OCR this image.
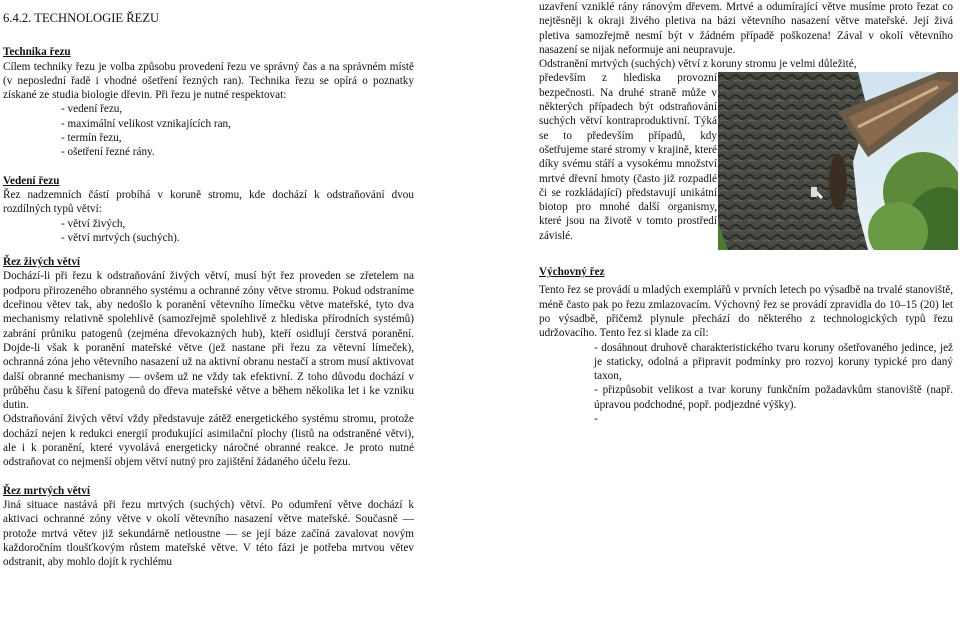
6.4.2. TECHNOLOGIE ŘEZU

Technika řezu

Cílem techniky řezu je volba způsobu provedení řezu ve správný čas a na správném místě (v neposlední řadě i vhodné ošetření řezných ran). Technika řezu se opírá o poznatky získané ze studia biologie dřevin. Při řezu je nutné respektovat:

- vedení řezu,
- maximální velikost vznikajících ran,
- termín řezu,
- ošetření řezné rány.

Vedení řezu

Řez nadzemních částí probíhá v koruně stromu, kde dochází k odstraňování dvou rozdílných typů větví:

- větví živých,
- větví mrtvých (suchých).

Řez živých větví

Dochází-li při řezu k odstraňování živých větví, musí být řez proveden se zřetelem na podporu přirozeného obranného systému a ochranné zóny větve stromu. Pokud odstraníme dceřinou větev tak, aby nedošlo k poranění větevního límečku větve mateřské, tyto dva mechanismy relativně spolehlivě (samozřejmě spolehlivě z hlediska přírodních systémů) zabrání průniku patogenů (zejména dřevokazných hub), kteří osidlují čerstvá poranění. Dojde-li však k poranění mateřské větve (jež nastane při řezu za větevní límeček), ochranná zóna jeho větevního nasazení už na aktivní obranu nestačí a strom musí aktivovat další obranné mechanismy — ovšem už ne vždy tak efektivní. Z toho důvodu dochází v průběhu času k šíření patogenů do dřeva mateřské větve a během několika let i ke vzniku dutin.

Odstraňování živých větví vždy představuje zátěž energetického systému stromu, protože dochází nejen k redukci energií produkující asimilační plochy (listů na odstraněné větvi), ale i k poranění, které vyvolává energeticky náročné obranné reakce. Je proto nutné odstraňovat co nejmenší objem větví nutný pro zajištění žádaného účelu řezu.

Řez mrtvých větví

Jiná situace nastává při řezu mrtvých (suchých) větví. Po odumření větve dochází k aktivaci ochranné zóny větve v okolí větevního nasazení větve mateřské. Současně — protože mrtvá větev již sekundárně netloustne — se její báze začíná zavalovat novým každoročním tloušťkovým růstem mateřské větve. V této fázi je potřeba mrtvou větev odstranit, aby mohlo dojít k rychlému

uzavření vzniklé rány ránovým dřevem. Mrtvé a odumírající větve musíme proto řezat co nejtěsněji k okraji živého pletiva na bázi větevního nasazení větve mateřské. Její živá pletiva samozřejmě nesmí být v žádném případě poškozena! Zával v okolí větevního nasazení se nijak neformuje ani neupravuje.

Odstranění mrtvých (suchých) větví z koruny stromu je velmi důležité,

především z hlediska provozní bezpečnosti. Na druhé straně může v některých případech být odstraňování suchých větví kontraproduktivní. Týká se to především případů, kdy ošetřujeme staré stromy v krajině, které díky svému stáří a vysokému množství mrtvé dřevní hmoty (často již rozpadlé či se rozkládající) představují unikátní biotop pro mnohé další organismy, které jsou na životě v tomto prostředí závislé.

Výchovný řez

Tento řez se provádí u mladých exemplářů v prvních letech po výsadbě na trvalé stanoviště, méně často pak po řezu zmlazovacím. Výchovný řez se provádí zpravidla do 10–15 (20) let po výsadbě, přičemž plynule přechází do některého z technologických typů řezu udržovacího. Tento řez si klade za cíl:

- dosáhnout druhově charakteristického tvaru koruny ošetřovaného jedince, jež je staticky, odolná a připravit podmínky pro rozvoj koruny typické pro daný taxon,

- přizpůsobit velikost a tvar koruny funkčním požadavkům stanoviště (např. úpravou podchodné, popř. podjezdné výšky).

-
